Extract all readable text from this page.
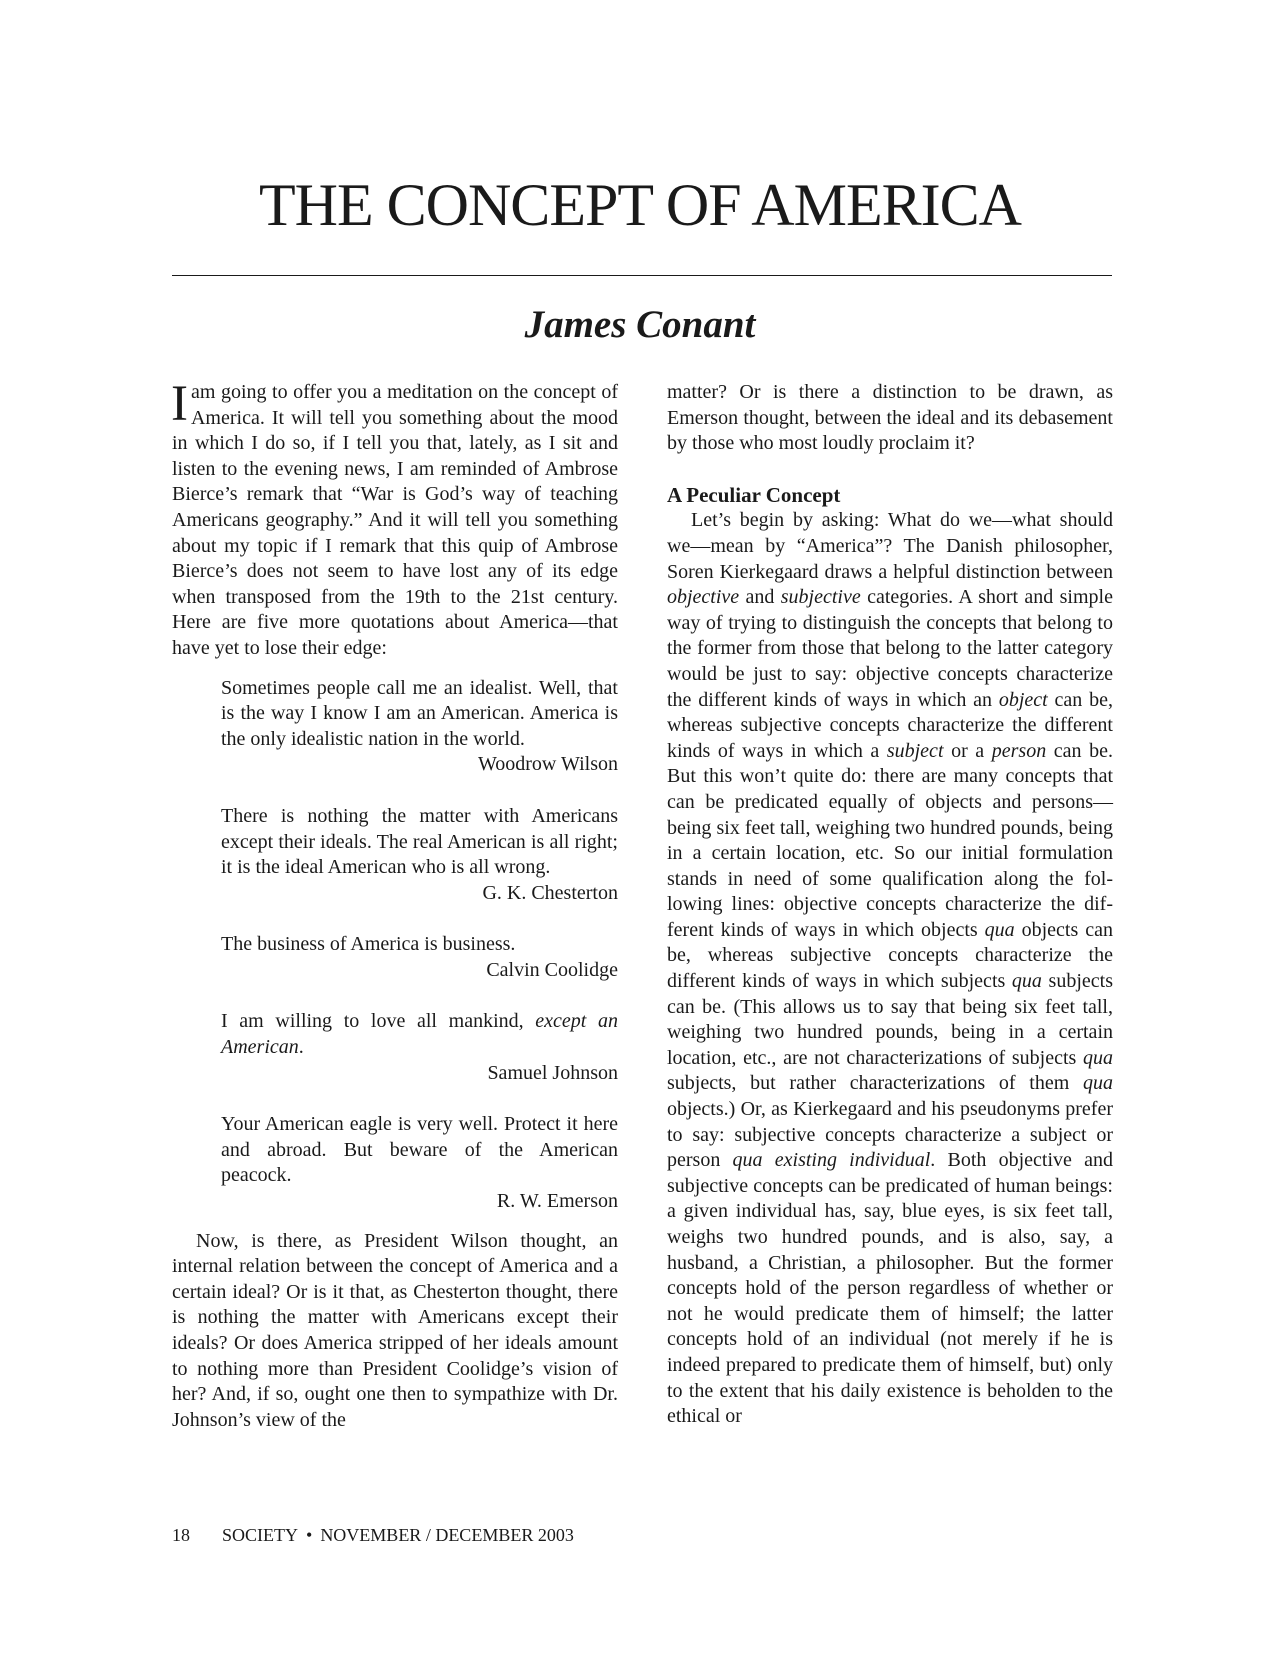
THE CONCEPT OF AMERICA
James Conant

I am going to offer you a meditation on the concept of America. It will tell you something about the mood in which I do so, if I tell you that, lately, as I sit and listen to the evening news, I am reminded of Ambrose Bierce’s remark that “War is God’s way of teaching Americans geography.” And it will tell you something about my topic if I remark that this quip of Ambrose Bierce’s does not seem to have lost any of its edge when transposed from the 19th to the 21st century. Here are five more quotations about America—that have yet to lose their edge:

Sometimes people call me an idealist. Well, that is the way I know I am an American. America is the only idealistic nation in the world.
Woodrow Wilson
There is nothing the matter with Americans except their ideals. The real American is all right; it is the ideal American who is all wrong.
G. K. Chesterton
The business of America is business.
Calvin Coolidge
I am willing to love all mankind, except an American.
Samuel Johnson
Your American eagle is very well. Protect it here and abroad. But beware of the American peacock.
R. W. Emerson

Now, is there, as President Wilson thought, an internal relation between the concept of America and a certain ideal? Or is it that, as Chesterton thought, there is nothing the matter with Americans except their ideals? Or does America stripped of her ideals amount to nothing more than President Coolidge’s vision of her? And, if so, ought one then to sympathize with Dr. Johnson’s view of the

matter? Or is there a distinction to be drawn, as Emerson thought, between the ideal and its debasement by those who most loudly proclaim it?

A Peculiar Concept

Let’s begin by asking: What do we—what should we—mean by “America”? The Danish philosopher, Soren Kierkegaard draws a helpful distinction between objective and subjective categories. A short and simple way of trying to distinguish the concepts that belong to the former from those that belong to the latter category would be just to say: objective concepts characterize the different kinds of ways in which an object can be, whereas subjective concepts characterize the different kinds of ways in which a subject or a person can be. But this won’t quite do: there are many concepts that can be predicated equally of objects and persons—being six feet tall, weighing two hundred pounds, being in a certain location, etc. So our initial formulation stands in need of some qualification along the following lines: objective concepts characterize the different kinds of ways in which objects qua objects can be, whereas subjective concepts characterize the different kinds of ways in which subjects qua subjects can be. (This allows us to say that being six feet tall, weighing two hundred pounds, being in a certain location, etc., are not characterizations of subjects qua subjects, but rather characterizations of them qua objects.) Or, as Kierkegaard and his pseudonyms prefer to say: subjective concepts characterize a subject or person qua existing individual. Both objective and subjective concepts can be predicated of human beings: a given individual has, say, blue eyes, is six feet tall, weighs two hundred pounds, and is also, say, a husband, a Christian, a philosopher. But the former concepts hold of the person regardless of whether or not he would predicate them of himself; the latter concepts hold of an individual (not merely if he is indeed prepared to predicate them of himself, but) only to the extent that his daily existence is beholden to the ethical or

18 SOCIETY • NOVEMBER / DECEMBER 2003
